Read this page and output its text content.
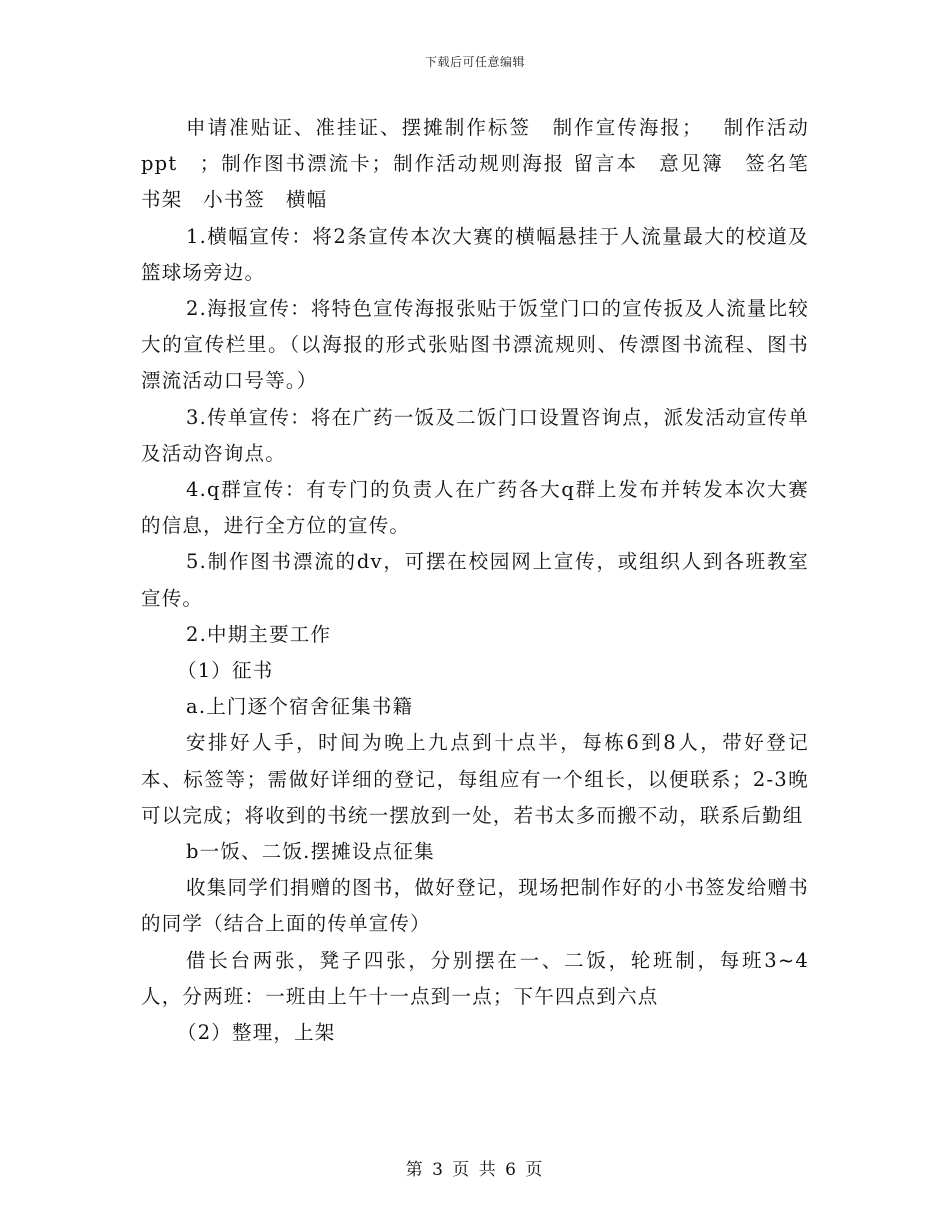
下载后可任意编辑

申请准贴证、准挂证、摆摊制作标签　制作宣传海报；　 制作活动ppt　；制作图书漂流卡；制作活动规则海报 留言本　意见簿　签名笔　书架　小书签　横幅

1.横幅宣传：将2条宣传本次大赛的横幅悬挂于人流量最大的校道及篮球场旁边。

2.海报宣传：将特色宣传海报张贴于饭堂门口的宣传扳及人流量比较大的宣传栏里。（以海报的形式张贴图书漂流规则、传漂图书流程、图书漂流活动口号等。）

3.传单宣传：将在广药一饭及二饭门口设置咨询点，派发活动宣传单及活动咨询点。

4.q群宣传：有专门的负责人在广药各大q群上发布并转发本次大赛的信息，进行全方位的宣传。

5.制作图书漂流的dv，可摆在校园网上宣传，或组织人到各班教室宣传。

2.中期主要工作

（1）征书

a.上门逐个宿舍征集书籍

安排好人手，时间为晚上九点到十点半，每栋6到8人，带好登记本、标签等；需做好详细的登记，每组应有一个组长，以便联系；2-3晚可以完成；将收到的书统一摆放到一处，若书太多而搬不动，联系后勤组

b一饭、二饭.摆摊设点征集

收集同学们捐赠的图书，做好登记，现场把制作好的小书签发给赠书的同学（结合上面的传单宣传）

借长台两张，凳子四张，分别摆在一、二饭，轮班制，每班3~4人，分两班：一班由上午十一点到一点；下午四点到六点

（2）整理，上架

第 3 页 共 6 页
